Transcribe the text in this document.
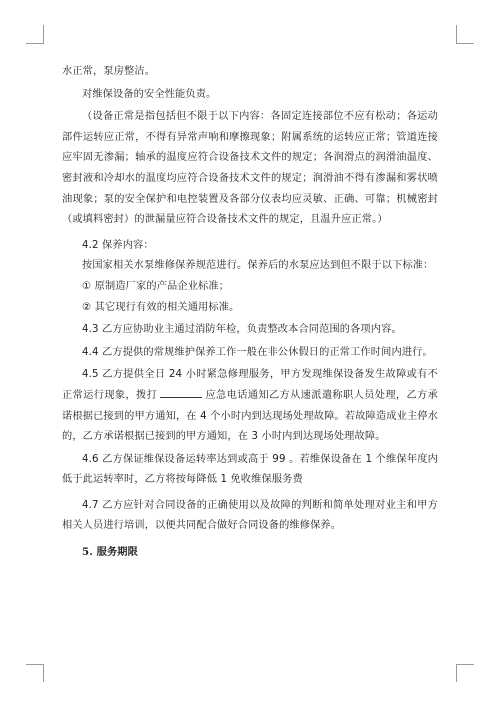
水正常，泵房整洁。

对维保设备的安全性能负责。

（设备正常是指包括但不限于以下内容：各固定连接部位不应有松动；各运动部件运转应正常，不得有异常声响和摩擦现象；附属系统的运转应正常；管道连接应牢固无渗漏；轴承的温度应符合设备技术文件的规定；各润滑点的润滑油温度、密封液和冷却水的温度均应符合设备技术文件的规定；润滑油不得有渗漏和雾状喷油现象；泵的安全保护和电控装置及各部分仪表均应灵敏、正确、可靠；机械密封（或填料密封）的泄漏量应符合设备技术文件的规定，且温升应正常。）

4.2 保养内容：

按国家相关水泵维修保养规范进行。保养后的水泵应达到但不限于以下标准：

① 原制造厂家的产品企业标准；

② 其它现行有效的相关通用标准。

4.3 乙方应协助业主通过消防年检，负责整改本合同范围的各项内容。

4.4 乙方提供的常规维护保养工作一般在非公休假日的正常工作时间内进行。

4.5 乙方提供全日 24 小时紧急修理服务，甲方发现维保设备发生故障或有不正常运行现象，拨打	应急电话通知乙方从速派遣称职人员处理，乙方承诺根据已接到的甲方通知，在 4 个小时内到达现场处理故障。若故障造成业主停水的，乙方承诺根据已接到的甲方通知，在 3 小时内到达现场处理故障。

4.6 乙方保证维保设备运转率达到或高于 99 。若维保设备在 1 个维保年度内低于此运转率时，乙方将按每降低 1 免收维保服务费

4.7 乙方应针对合同设备的正确使用以及故障的判断和简单处理对业主和甲方相关人员进行培训，以便共同配合做好合同设备的维修保养。

5. 服务期限
